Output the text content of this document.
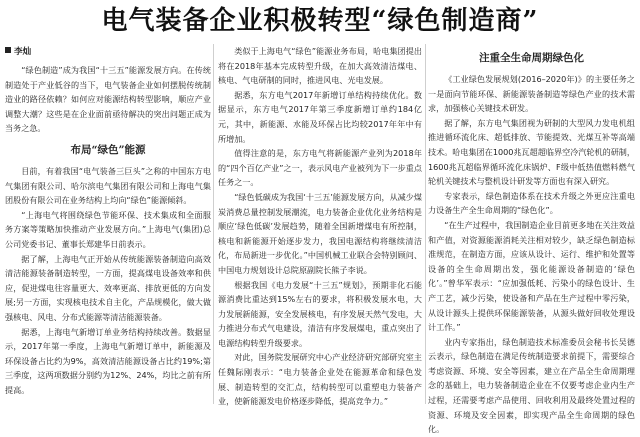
电气装备企业积极转型“绿色制造商”
李灿

“绿色制造”成为我国“十三五”能源发展方向。在传统制造处于产业低谷的当下，电气装备企业如何摆脱传统制造业的路径依赖？如何应对能源结构转型影响，顺应产业调整大潮？这些是在企业面前亟待解决的突出问题正成为当务之急。

布局“绿色”能源

目前，有着我国“电气装备三巨头”之称的中国东方电气集团有限公司、哈尔滨电气集团有限公司和上海电气集团股份有限公司在业务结构上均向“绿色”能源倾斜。

“上海电气将围绕绿色节能环保、技术集成和全面服务方案等策略加快推动产业发展方向。”上海电气(集团)总公司党委书记、董事长郑建华日前表示。

据了解，上海电气正开始从传统能源装备制造向高效清洁能源装备制造转型，一方面，提高煤电设备效率和供应，促进煤电往容量更大、效率更高、排放更低的方向发展;另一方面，实现核电技术自主化，产品规模化，做大做强核电、风电、分布式能源等清洁能源装备。

据悉，上海电气新增订单业务结构持续改善。数据显示，2017年第一季度，上海电气新增订单中，新能源及环保设备占比约为9%，高效清洁能源设备占比约19%;第三季度，这两项数据分别约为12%、24%，均比之前有所提高。

类似于上海电气“绿色”能源业务布局，哈电集团提出将在2018年基本完成转型升级，在加大高效清洁煤电、核电、气电研制的同时，推进风电、光电发展。

据悉，东方电气2017年新增订单结构持续优化。数据显示，东方电气2017年第三季度新增订单约184亿元，其中，新能源、水能及环保占比均较2017年年中有所增加。

值得注意的是，东方电气将新能源产业列为2018年的“四个百亿产业”之一，表示风电产业被列为下一步重点任务之一。

“绿色低碳成为我国‘十三五’能源发展方向，从减少煤炭消费总量控制发展潮流，电力装备企业优化业务结构是顺应‘绿色低碳’发展趋势，随着全国新增煤电有所控制，核电和新能源开始逐步发力，我国电源结构将继续清洁化，布局新进一步优化。”中国机械工业联合会特别顾问、中国电力规划设计总院原副院长熊子李说。

根据我国《电力发展“十三五”规划》，预期非化石能源消费比重达到15%左右的要求，将积极发展水电，大力发展新能源，安全发展核电，有序发展天然气发电，大力推进分布式气电建设，清洁有序发展煤电，重点突出了电源结构转型升级要求。

对此，国务院发展研究中心产业经济研究部研究室主任魏际刚表示：“电力装备企业处在能源革命和绿色发展、制造转型的交汇点，结构转型可以重塑电力装备产业，使新能源发电价格逐步降低，提高竞争力。”

注重全生命周期绿色化

《工业绿色发展规划(2016–2020年)》的主要任务之一是面向节能环保、新能源装备制造等绿色产业的技术需求，加强核心关键技术研发。

据了解，东方电气集团视为研制的大型风力发电机组推进循环流化床、超低排放、节能提效、光煤互补等高端技术。哈电集团在1000兆瓦超超临界空冷汽轮机的研制，1600兆瓦超临界循环流化床锅炉、F级中低热值燃料燃气轮机关键技术与整机设计研发等方面也有深入研究。

专家表示，绿色制造体系在技术升级之外更应注重电力设备生产全生命周期的“绿色化”。

“在生产过程中，我国制造企业目前更多地在关注效益和产值，对资源能源消耗关注相对较少，缺乏绿色制造标准规范，在制造方面，应该从设计、运行、维护和处置等设备的全生命周期出发，强化能源设备制造的‘绿色化’。”曾华军表示：“应加强低耗、污染小的绿色设计、生产工艺，减少污染，使设备和产品在生产过程中零污染，从设计源头上提供环保能源装备，从源头做好回收处理设计工作。”

业内专家指出，绿色制造技术标准委员会秘书长吴德云表示，绿色制造在满足传统制造要求前提下，需要综合考虑资源、环境、安全等因素，建立在产品全生命周期理念的基础上，电力装备制造企业在不仅要考虑企业内生产过程，还需要考虑产品使用、回收利用及最终处置过程的资源、环境及安全因素，即实现产品全生命周期的绿色化。
